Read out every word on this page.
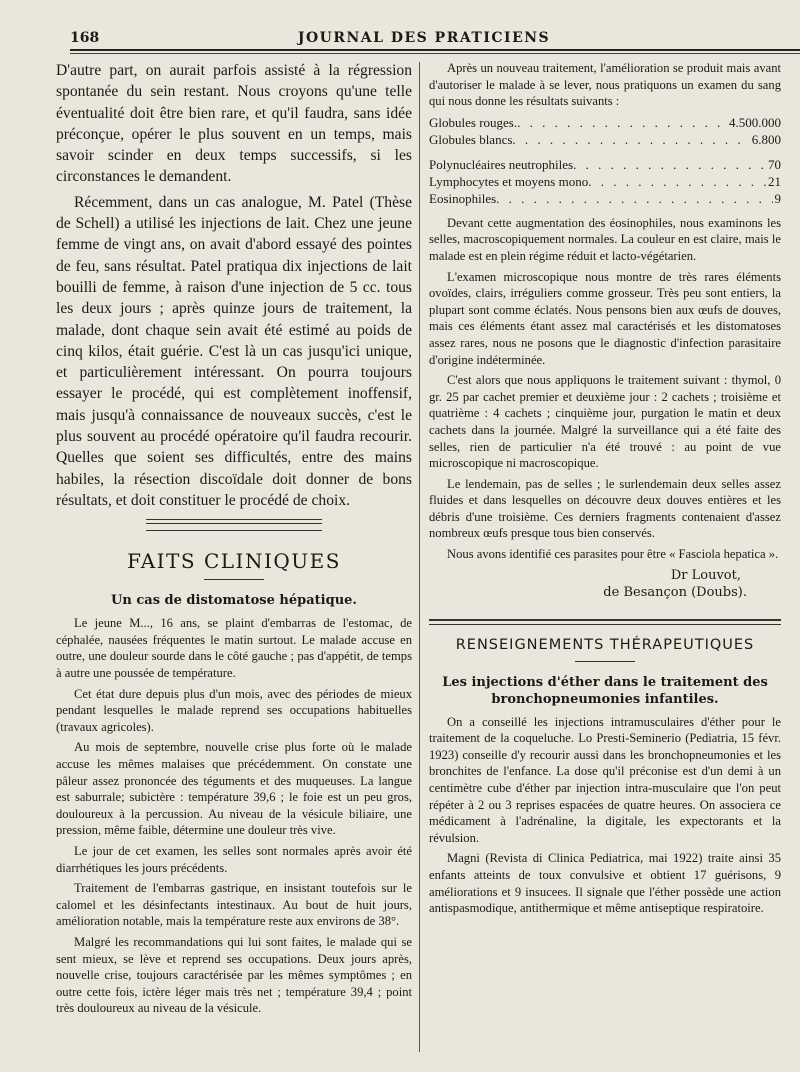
168	JOURNAL DES PRATICIENS

D'autre part, on aurait parfois assisté à la régression spontanée du sein restant. Nous croyons qu'une telle éventualité doit être bien rare, et qu'il faudra, sans idée préconçue, opérer le plus souvent en un temps, mais savoir scinder en deux temps successifs, si les circonstances le demandent.

Récemment, dans un cas analogue, M. Patel (Thèse de Schell) a utilisé les injections de lait. Chez une jeune femme de vingt ans, on avait d'abord essayé des pointes de feu, sans résultat. Patel pratiqua dix injections de lait bouilli de femme, à raison d'une injection de 5 cc. tous les deux jours ; après quinze jours de traitement, la malade, dont chaque sein avait été estimé au poids de cinq kilos, était guérie. C'est là un cas jusqu'ici unique, et particulièrement intéressant. On pourra toujours essayer le procédé, qui est complètement inoffensif, mais jusqu'à connaissance de nouveaux succès, c'est le plus souvent au procédé opératoire qu'il faudra recourir. Quelles que soient ses difficultés, entre des mains habiles, la résection discoïdale doit donner de bons résultats, et doit constituer le procédé de choix.

FAITS CLINIQUES
Un cas de distomatose hépatique.

Le jeune M..., 16 ans, se plaint d'embarras de l'estomac, de céphalée, nausées fréquentes le matin surtout. Le malade accuse en outre, une douleur sourde dans le côté gauche ; pas d'appétit, de temps à autre une poussée de température.

Cet état dure depuis plus d'un mois, avec des périodes de mieux pendant lesquelles le malade reprend ses occupations habituelles (travaux agricoles).

Au mois de septembre, nouvelle crise plus forte où le malade accuse les mêmes malaises que précédemment. On constate une pâleur assez prononcée des téguments et des muqueuses. La langue est saburrale; subictère : température 39,6 ; le foie est un peu gros, douloureux à la percussion. Au niveau de la vésicule biliaire, une pression, même faible, détermine une douleur très vive.

Le jour de cet examen, les selles sont normales après avoir été diarrhétiques les jours précédents.

Traitement de l'embarras gastrique, en insistant toutefois sur le calomel et les désinfectants intestinaux. Au bout de huit jours, amélioration notable, mais la température reste aux environs de 38°.

Malgré les recommandations qui lui sont faites, le malade qui se sent mieux, se lève et reprend ses occupations. Deux jours après, nouvelle crise, toujours caractérisée par les mêmes symptômes ; en outre cette fois, ictère léger mais très net ; température 39,4 ; point très douloureux au niveau de la vésicule.

Après un nouveau traitement, l'amélioration se produit mais avant d'autoriser le malade à se lever, nous pratiquons un examen du sang qui nous donne les résultats suivants :

Globules rouges. . . .	4.500.000
Globules blancs . . .	6.800
Polynucléaires neutrophiles . . .	70
Lymphocytes et moyens mono . . .	21
Eosinophiles . . .	9

Devant cette augmentation des éosinophiles, nous examinons les selles, macroscopiquement normales. La couleur en est claire, mais le malade est en plein régime réduit et lacto-végétarien.

L'examen microscopique nous montre de très rares éléments ovoïdes, clairs, irréguliers comme grosseur. Très peu sont entiers, la plupart sont comme éclatés. Nous pensons bien aux œufs de douves, mais ces éléments étant assez mal caractérisés et les distomatoses assez rares, nous ne posons que le diagnostic d'infection parasitaire d'origine indéterminée.

C'est alors que nous appliquons le traitement suivant : thymol, 0 gr. 25 par cachet premier et deuxième jour : 2 cachets ; troisième et quatrième : 4 cachets ; cinquième jour, purgation le matin et deux cachets dans la journée. Malgré la surveillance qui a été faite des selles, rien de particulier n'a été trouvé : au point de vue microscopique ni macroscopique.

Le lendemain, pas de selles ; le surlendemain deux selles assez fluides et dans lesquelles on découvre deux douves entières et les débris d'une troisième. Ces derniers fragments contenaient d'assez nombreux œufs presque tous bien conservés.

Nous avons identifié ces parasites pour être « Fasciola hepatica ».

Dr Louvot,
de Besançon (Doubs).
RENSEIGNEMENTS THÉRAPEUTIQUES
Les injections d'éther dans le traitement des bronchopneumonies infantiles.

On a conseillé les injections intramusculaires d'éther pour le traitement de la coqueluche. Lo Presti-Seminerio (Pediatria, 15 févr. 1923) conseille d'y recourir aussi dans les bronchopneumonies et les bronchites de l'enfance. La dose qu'il préconise est d'un demi à un centimètre cube d'éther par injection intra-musculaire que l'on peut répéter à 2 ou 3 reprises espacées de quatre heures. On associera ce médicament à l'adrénaline, la digitale, les expectorants et la révulsion.

Magni (Revista di Clinica Pediatrica, mai 1922) traite ainsi 35 enfants atteints de toux convulsive et obtient 17 guérisons, 9 améliorations et 9 insucees. Il signale que l'éther possède une action antispasmodique, antithermique et même antiseptique respiratoire.
